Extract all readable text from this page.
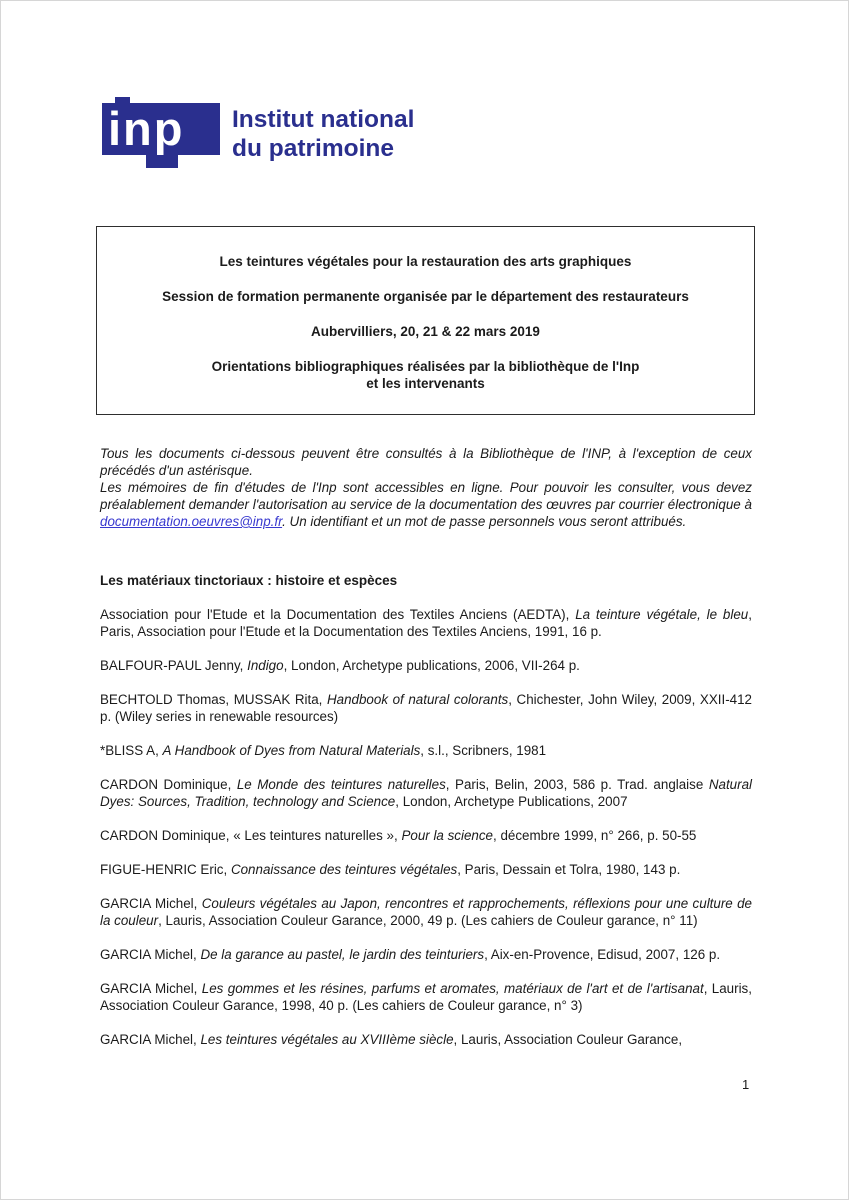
inp	Institut national
du patrimoine

Les teintures végétales pour la restauration des arts graphiques

Session de formation permanente organisée par le département des restaurateurs

Aubervilliers, 20, 21 & 22 mars 2019

Orientations bibliographiques réalisées par la bibliothèque de l'Inp
et les intervenants

Tous les documents ci-dessous peuvent être consultés à la Bibliothèque de l'INP, à l'exception de ceux précédés d'un astérisque.

Les mémoires de fin d'études de l'Inp sont accessibles en ligne. Pour pouvoir les consulter, vous devez préalablement demander l'autorisation au service de la documentation des œuvres par courrier électronique à documentation.oeuvres@inp.fr. Un identifiant et un mot de passe personnels vous seront attribués.

Les matériaux tinctoriaux : histoire et espèces

Association pour l'Etude et la Documentation des Textiles Anciens (AEDTA), La teinture végétale, le bleu, Paris, Association pour l'Etude et la Documentation des Textiles Anciens, 1991, 16 p.

BALFOUR-PAUL Jenny, Indigo, London, Archetype publications, 2006, VII-264 p.

BECHTOLD Thomas, MUSSAK Rita, Handbook of natural colorants, Chichester, John Wiley, 2009, XXII-412 p. (Wiley series in renewable resources)

*BLISS A, A Handbook of Dyes from Natural Materials, s.l., Scribners, 1981

CARDON Dominique, Le Monde des teintures naturelles, Paris, Belin, 2003, 586 p. Trad. anglaise Natural Dyes: Sources, Tradition, technology and Science, London, Archetype Publications, 2007

CARDON Dominique, « Les teintures naturelles », Pour la science, décembre 1999, n° 266, p. 50-55

FIGUE-HENRIC Eric, Connaissance des teintures végétales, Paris, Dessain et Tolra, 1980, 143 p.

GARCIA Michel, Couleurs végétales au Japon, rencontres et rapprochements, réflexions pour une culture de la couleur, Lauris, Association Couleur Garance, 2000, 49 p. (Les cahiers de Couleur garance, n° 11)

GARCIA Michel, De la garance au pastel, le jardin des teinturiers, Aix-en-Provence, Edisud, 2007, 126 p.

GARCIA Michel, Les gommes et les résines, parfums et aromates, matériaux de l'art et de l'artisanat, Lauris, Association Couleur Garance, 1998, 40 p. (Les cahiers de Couleur garance, n° 3)

GARCIA Michel, Les teintures végétales au XVIIIème siècle, Lauris, Association Couleur Garance,

1
